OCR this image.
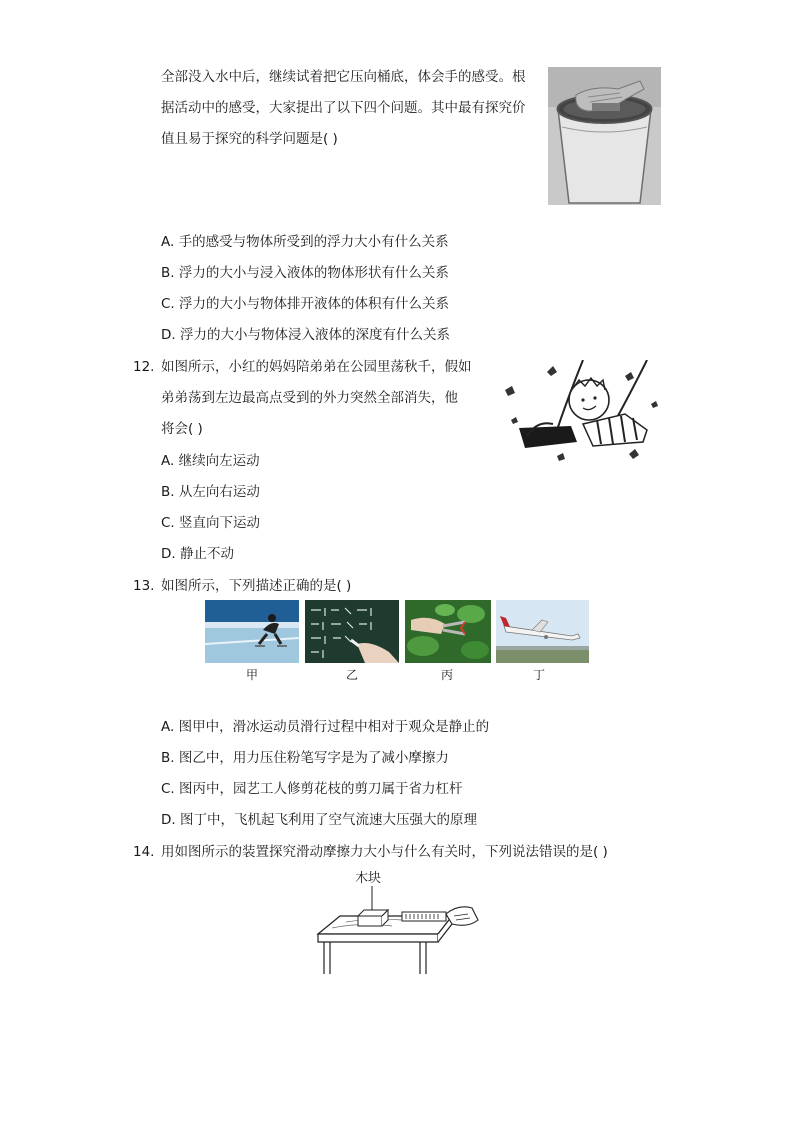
全部没入水中后，继续试着把它压向桶底，体会手的感受。根
据活动中的感受，大家提出了以下四个问题。其中最有探究价
值且易于探究的科学问题是( )
A. 手的感受与物体所受到的浮力大小有什么关系
B. 浮力的大小与浸入液体的物体形状有什么关系
C. 浮力的大小与物体排开液体的体积有什么关系
D. 浮力的大小与物体浸入液体的深度有什么关系
12. 如图所示，小红的妈妈陪弟弟在公园里荡秋千，假如
弟弟荡到左边最高点受到的外力突然全部消失，他
将会( )
A. 继续向左运动
B. 从左向右运动
C. 竖直向下运动
D. 静止不动
13. 如图所示，下列描述正确的是( )
甲	乙	丙	丁
A. 图甲中，滑冰运动员滑行过程中相对于观众是静止的
B. 图乙中，用力压住粉笔写字是为了减小摩擦力
C. 图丙中，园艺工人修剪花枝的剪刀属于省力杠杆
D. 图丁中，飞机起飞利用了空气流速大压强大的原理
14. 用如图所示的装置探究滑动摩擦力大小与什么有关时，下列说法错误的是( )
木块
